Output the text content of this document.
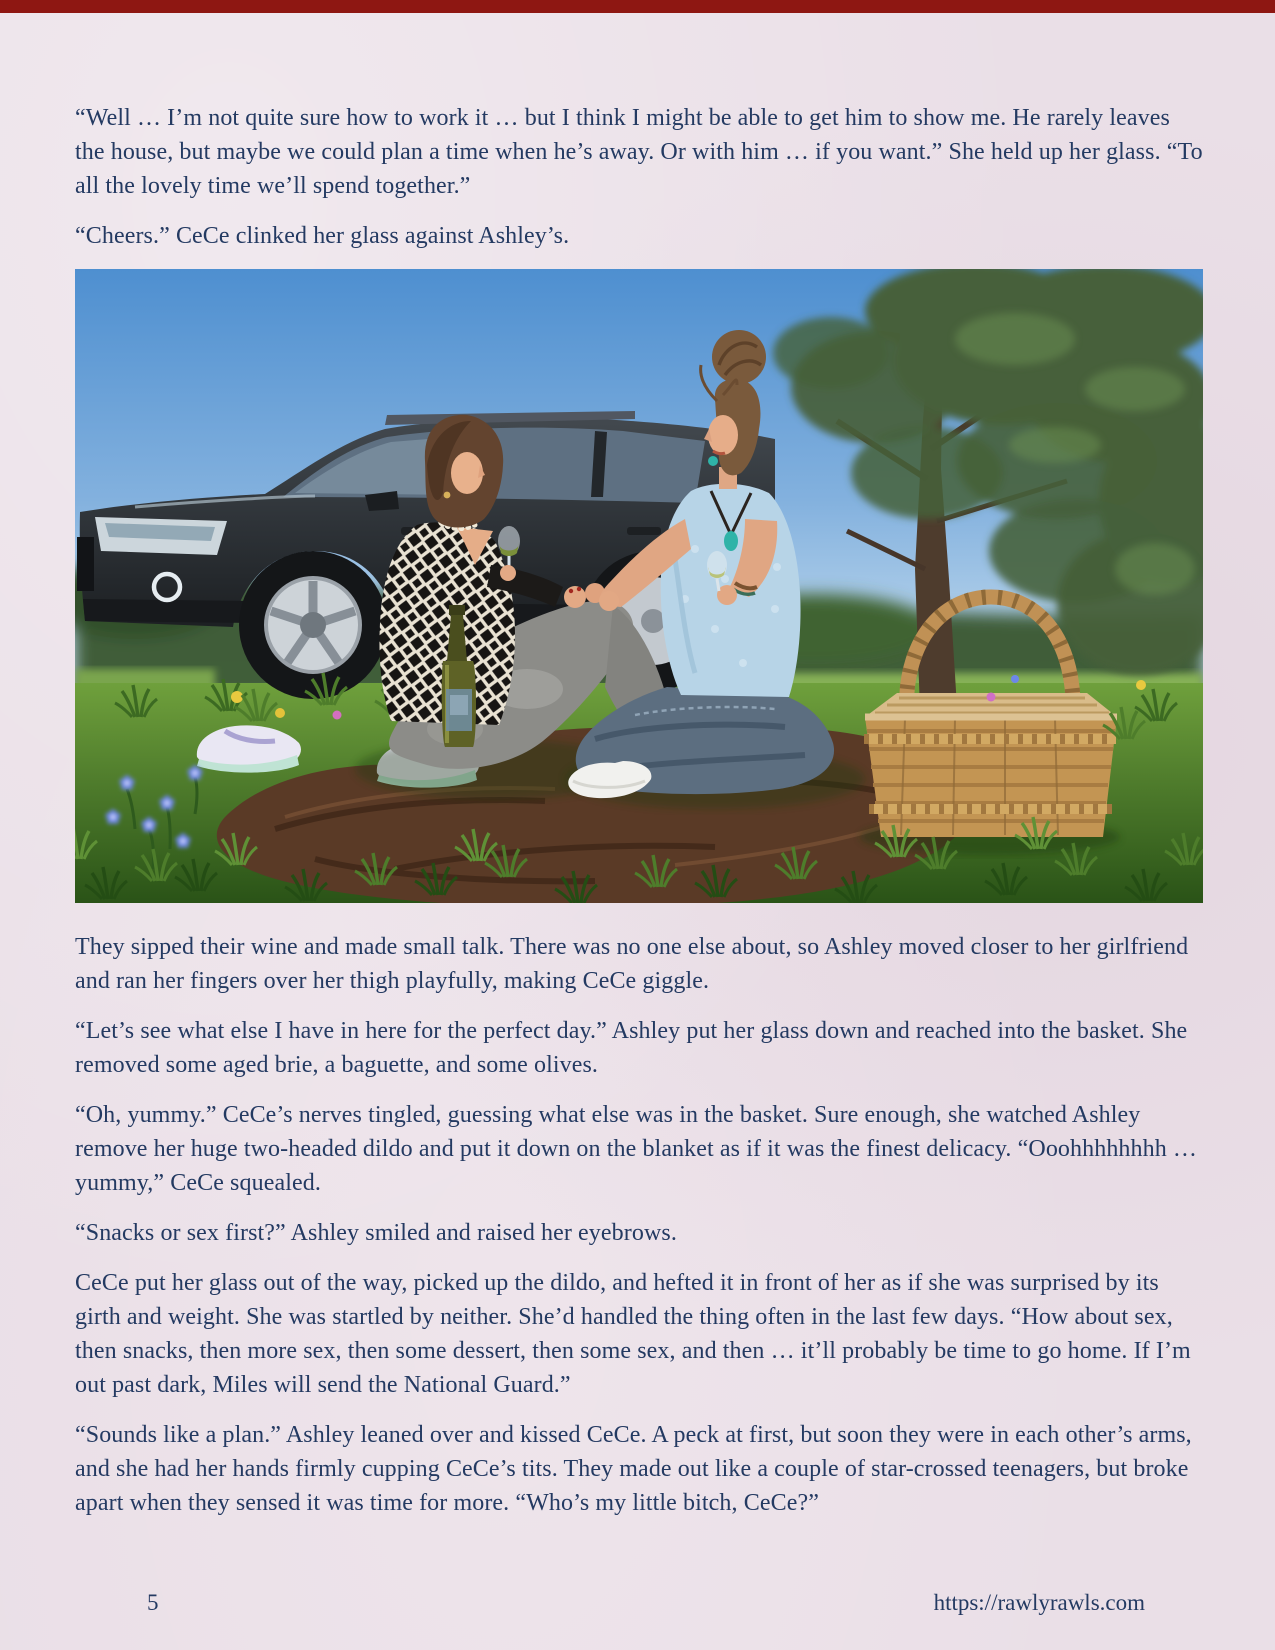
“Well … I’m not quite sure how to work it … but I think I might be able to get him to show me. He rarely leaves the house, but maybe we could plan a time when he’s away. Or with him … if you want.” She held up her glass. “To all the lovely time we’ll spend together.”

“Cheers.” CeCe clinked her glass against Ashley’s.

They sipped their wine and made small talk. There was no one else about, so Ashley moved closer to her girlfriend and ran her fingers over her thigh playfully, making CeCe giggle.

“Let’s see what else I have in here for the perfect day.” Ashley put her glass down and reached into the basket. She removed some aged brie, a baguette, and some olives.

“Oh, yummy.” CeCe’s nerves tingled, guessing what else was in the basket. Sure enough, she watched Ashley remove her huge two-headed dildo and put it down on the blanket as if it was the finest delicacy. “Ooohhhhhhhh … yummy,” CeCe squealed.

“Snacks or sex first?” Ashley smiled and raised her eyebrows.

CeCe put her glass out of the way, picked up the dildo, and hefted it in front of her as if she was surprised by its girth and weight. She was startled by neither. She’d handled the thing often in the last few days. “How about sex, then snacks, then more sex, then some dessert, then some sex, and then … it’ll probably be time to go home. If I’m out past dark, Miles will send the National Guard.”

“Sounds like a plan.” Ashley leaned over and kissed CeCe. A peck at first, but soon they were in each other’s arms, and she had her hands firmly cupping CeCe’s tits. They made out like a couple of star-crossed teenagers, but broke apart when they sensed it was time for more. “Who’s my little bitch, CeCe?”

5	https://rawlyrawls.com
